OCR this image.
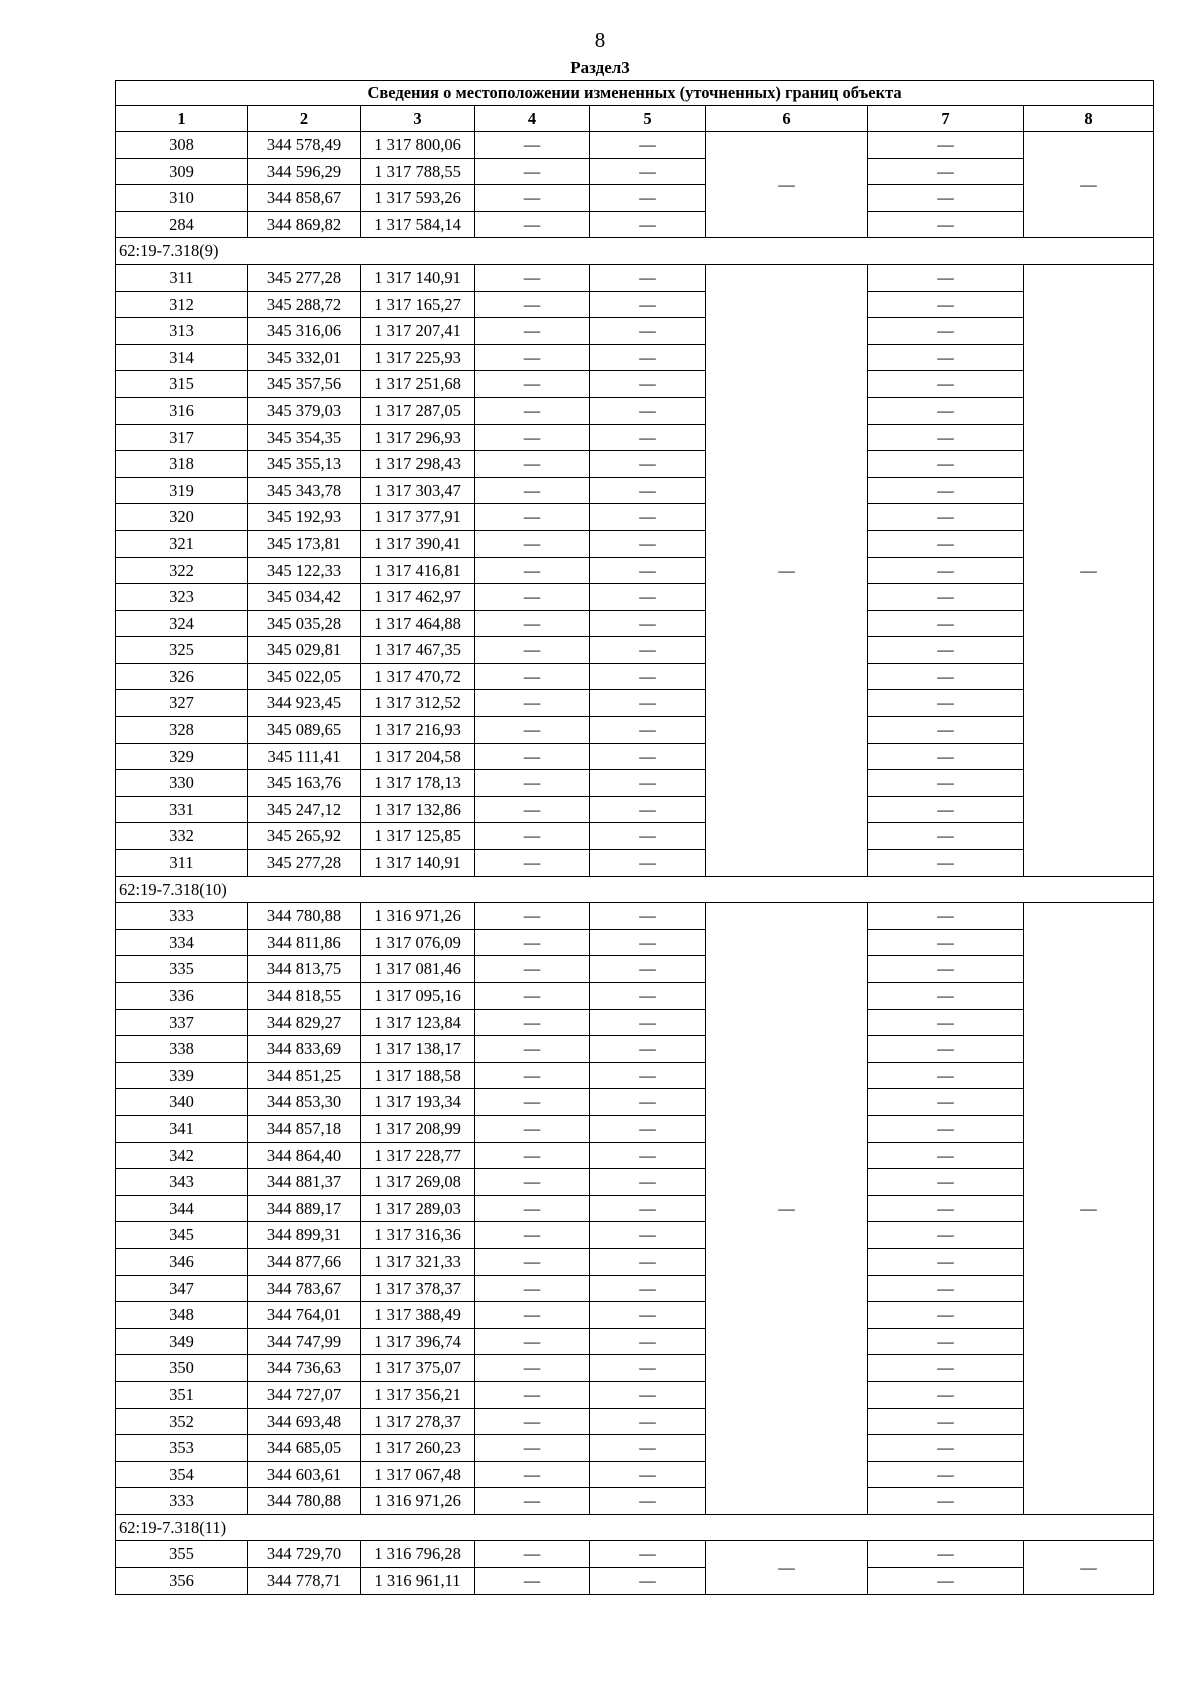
8
Раздел3
Сведения о местоположении измененных (уточненных) границ объекта							
1	2	3	4	5	6	7	8
308	344 578,49	1 317 800,06	—	—	—	—	—
309	344 596,29	1 317 788,55	—	—		—	
310	344 858,67	1 317 593,26	—	—		—	
284	344 869,82	1 317 584,14	—	—		—	
62:19-7.318(9)							
311	345 277,28	1 317 140,91	—	—	—	—	—
312	345 288,72	1 317 165,27	—	—		—	
313	345 316,06	1 317 207,41	—	—		—	
314	345 332,01	1 317 225,93	—	—		—	
315	345 357,56	1 317 251,68	—	—		—	
316	345 379,03	1 317 287,05	—	—		—	
317	345 354,35	1 317 296,93	—	—		—	
318	345 355,13	1 317 298,43	—	—		—	
319	345 343,78	1 317 303,47	—	—		—	
320	345 192,93	1 317 377,91	—	—		—	
321	345 173,81	1 317 390,41	—	—		—	
322	345 122,33	1 317 416,81	—	—		—	
323	345 034,42	1 317 462,97	—	—		—	
324	345 035,28	1 317 464,88	—	—		—	
325	345 029,81	1 317 467,35	—	—		—	
326	345 022,05	1 317 470,72	—	—		—	
327	344 923,45	1 317 312,52	—	—		—	
328	345 089,65	1 317 216,93	—	—		—	
329	345 111,41	1 317 204,58	—	—		—	
330	345 163,76	1 317 178,13	—	—		—	
331	345 247,12	1 317 132,86	—	—		—	
332	345 265,92	1 317 125,85	—	—		—	
311	345 277,28	1 317 140,91	—	—		—	
62:19-7.318(10)							
333	344 780,88	1 316 971,26	—	—	—	—	—
334	344 811,86	1 317 076,09	—	—		—	
335	344 813,75	1 317 081,46	—	—		—	
336	344 818,55	1 317 095,16	—	—		—	
337	344 829,27	1 317 123,84	—	—		—	
338	344 833,69	1 317 138,17	—	—		—	
339	344 851,25	1 317 188,58	—	—		—	
340	344 853,30	1 317 193,34	—	—		—	
341	344 857,18	1 317 208,99	—	—		—	
342	344 864,40	1 317 228,77	—	—		—	
343	344 881,37	1 317 269,08	—	—		—	
344	344 889,17	1 317 289,03	—	—		—	
345	344 899,31	1 317 316,36	—	—		—	
346	344 877,66	1 317 321,33	—	—		—	
347	344 783,67	1 317 378,37	—	—		—	
348	344 764,01	1 317 388,49	—	—		—	
349	344 747,99	1 317 396,74	—	—		—	
350	344 736,63	1 317 375,07	—	—		—	
351	344 727,07	1 317 356,21	—	—		—	
352	344 693,48	1 317 278,37	—	—		—	
353	344 685,05	1 317 260,23	—	—		—	
354	344 603,61	1 317 067,48	—	—		—	
333	344 780,88	1 316 971,26	—	—		—	
62:19-7.318(11)							
355	344 729,70	1 316 796,28	—	—	—	—	—
356	344 778,71	1 316 961,11	—	—		—	
